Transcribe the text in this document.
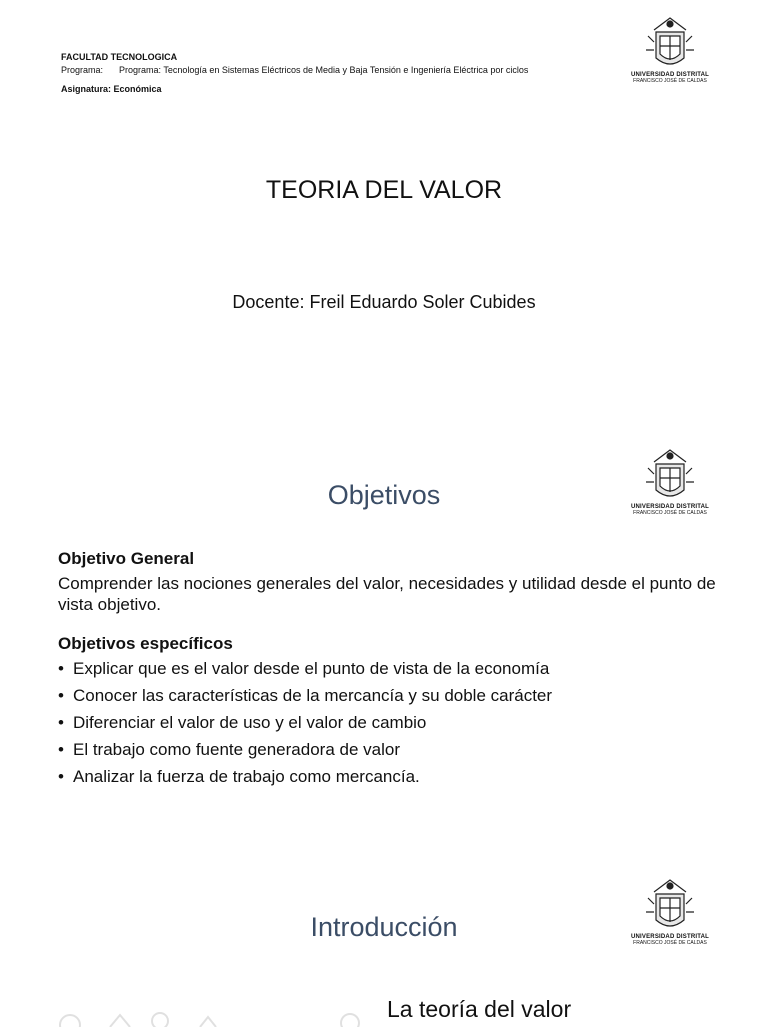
FACULTAD TECNOLOGICA
Programa: Programa: Tecnología en Sistemas Eléctricos de Media y Baja Tensión e Ingeniería Eléctrica por ciclos
Asignatura: Económica
UNIVERSIDAD DISTRITAL
FRANCISCO JOSÉ DE CALDAS
TEORIA DEL VALOR
Docente: Freil Eduardo Soler Cubides
UNIVERSIDAD DISTRITAL
FRANCISCO JOSÉ DE CALDAS
Objetivos
Objetivo General
Comprender las nociones generales del valor, necesidades y utilidad desde el punto de vista objetivo.
Objetivos específicos
• Explicar que es el valor desde el punto de vista de la economía
• Conocer las características de la mercancía y su doble carácter
• Diferenciar el valor de uso y el valor de cambio
• El trabajo como fuente generadora de valor
• Analizar la fuerza de trabajo como mercancía.
UNIVERSIDAD DISTRITAL
FRANCISCO JOSÉ DE CALDAS
Introducción
La teoría del valor
